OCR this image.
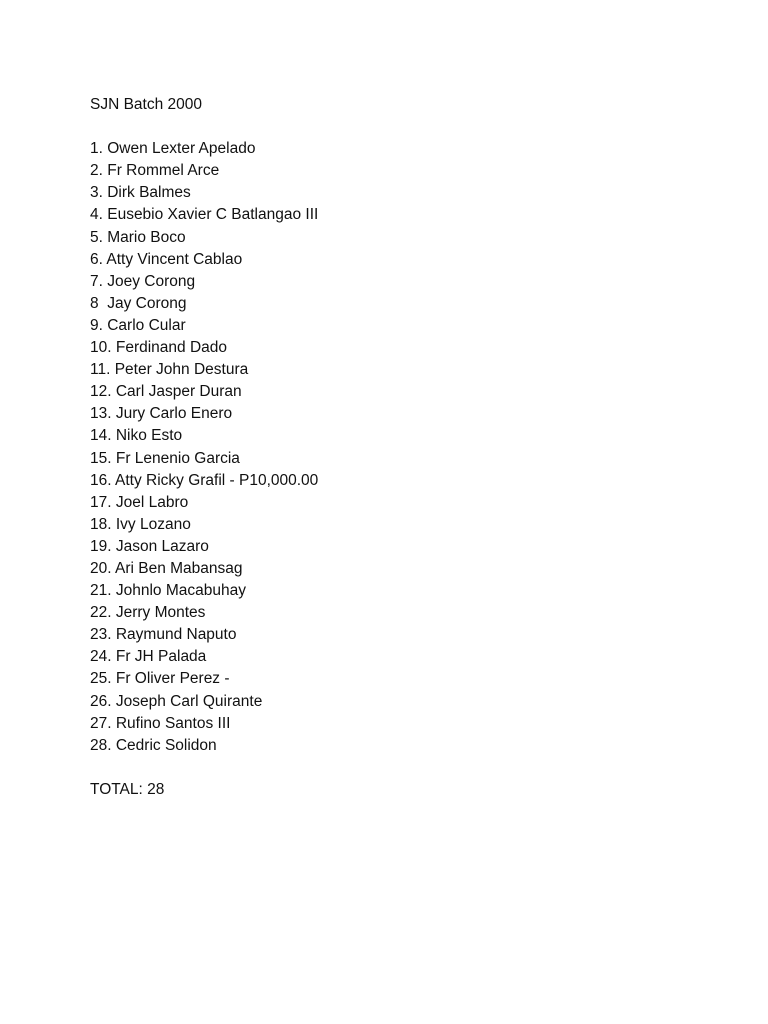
SJN Batch 2000
1. Owen Lexter Apelado
2. Fr Rommel Arce
3. Dirk Balmes
4. Eusebio Xavier C Batlangao III
5. Mario Boco
6. Atty Vincent Cablao
7. Joey Corong
8  Jay Corong
9. Carlo Cular
10. Ferdinand Dado
11. Peter John Destura
12. Carl Jasper Duran
13. Jury Carlo Enero
14. Niko Esto
15. Fr Lenenio Garcia
16. Atty Ricky Grafil - P10,000.00
17. Joel Labro
18. Ivy Lozano
19. Jason Lazaro
20. Ari Ben Mabansag
21. Johnlo Macabuhay
22. Jerry Montes
23. Raymund Naputo
24. Fr JH Palada
25. Fr Oliver Perez -
26. Joseph Carl Quirante
27. Rufino Santos III
28. Cedric Solidon
TOTAL: 28
